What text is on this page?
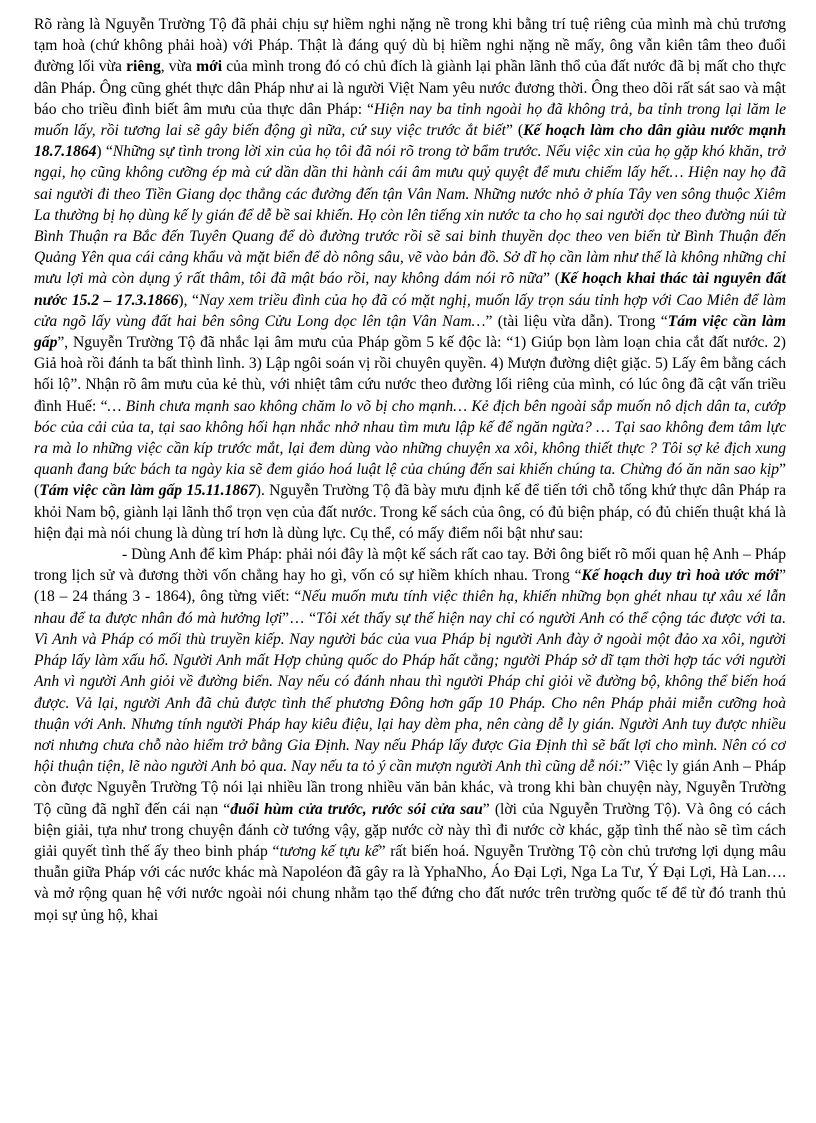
Rõ ràng là Nguyễn Trường Tộ đã phải chịu sự hiềm nghi nặng nề trong khi bằng trí tuệ riêng của mình mà chủ trương tạm hoà (chứ không phải hoà) với Pháp. Thật là đáng quý dù bị hiềm nghi nặng nề mấy, ông vẫn kiên tâm theo đuổi đường lối vừa riêng, vừa mới của mình trong đó có chủ đích là giành lại phần lãnh thổ của đất nước đã bị mất cho thực dân Pháp. Ông cũng ghét thực dân Pháp như ai là người Việt Nam yêu nước đương thời. Ông theo dõi rất sát sao và mật báo cho triều đình biết âm mưu của thực dân Pháp: “Hiện nay ba tỉnh ngoài họ đã không trả, ba tỉnh trong lại lăm le muốn lấy, rồi tương lai sẽ gây biến động gì nữa, cứ suy việc trước ắt biết” (Kế hoạch làm cho dân giàu nước mạnh 18.7.1864) “Những sự tình trong lời xin của họ tôi đã nói rõ trong tờ bẩm trước. Nếu việc xin của họ gặp khó khăn, trở ngại, họ cũng không cưỡng ép mà cứ dần dần thi hành cái âm mưu quỷ quyệt để mưu chiếm lấy hết… Hiện nay họ đã sai người đi theo Tiền Giang dọc thẳng các đường đến tận Vân Nam. Những nước nhỏ ở phía Tây ven sông thuộc Xiêm La thường bị họ dùng kế ly gián để dễ bề sai khiến. Họ còn lên tiếng xin nước ta cho họ sai người dọc theo đường núi từ Bình Thuận ra Bắc đến Tuyên Quang để dò đường trước rồi sẽ sai binh thuyền dọc theo ven biển từ Bình Thuận đến Quảng Yên qua cái cảng khẩu và mặt biển để dò nông sâu, vẽ vào bản đồ. Sở dĩ họ cần làm như thế là không những chỉ mưu lợi mà còn dụng ý rất thâm, tôi đã mật báo rồi, nay không dám nói rõ nữa” (Kế hoạch khai thác tài nguyên đất nước 15.2 – 17.3.1866), “Nay xem triều đình của họ đã có mặt nghị, muốn lấy trọn sáu tỉnh hợp với Cao Miên để làm cửa ngõ lấy vùng đất hai bên sông Cửu Long dọc lên tận Vân Nam…” (tài liệu vừa dẫn). Trong “Tám việc cần làm gấp”, Nguyễn Trường Tộ đã nhắc lại âm mưu của Pháp gồm 5 kế độc là: “1) Giúp bọn làm loạn chia cắt đất nước. 2) Giả hoà rồi đánh ta bất thình lình. 3) Lập ngôi soán vị rồi chuyên quyền. 4) Mượn đường diệt giặc. 5) Lấy êm bằng cách hối lộ”. Nhận rõ âm mưu của kẻ thù, với nhiệt tâm cứu nước theo đường lối riêng của mình, có lúc ông đã cật vấn triều đình Huế: “… Binh chưa mạnh sao không chăm lo võ bị cho mạnh… Kẻ địch bên ngoài sắp muốn nô dịch dân ta, cướp bóc của cải của ta, tại sao không hối hạn nhắc nhở nhau tìm mưu lập kế để ngăn ngừa? … Tại sao không đem tâm lực ra mà lo những việc cần kíp trước mắt, lại đem dùng vào những chuyện xa xôi, không thiết thực ? Tôi sợ kẻ địch xung quanh đang bức bách ta ngày kia sẽ đem giáo hoá luật lệ của chúng đến sai khiến chúng ta. Chừng đó ăn năn sao kịp” (Tám việc cần làm gấp 15.11.1867). Nguyễn Trường Tộ đã bày mưu định kế để tiến tới chỗ tống khứ thực dân Pháp ra khỏi Nam bộ, giành lại lãnh thổ trọn vẹn của đất nước. Trong kế sách của ông, có đủ biện pháp, có đủ chiến thuật khá là hiện đại mà nói chung là dùng trí hơn là dùng lực. Cụ thể, có mấy điểm nổi bật như sau:

- Dùng Anh để kìm Pháp: phải nói đây là một kế sách rất cao tay. Bởi ông biết rõ mối quan hệ Anh – Pháp trong lịch sử và đương thời vốn chẳng hay ho gì, vốn có sự hiềm khích nhau. Trong “Kế hoạch duy trì hoà ước mới” (18 – 24 tháng 3 - 1864), ông từng viết: “Nếu muốn mưu tính việc thiên hạ, khiến những bọn ghét nhau tự xâu xé lẫn nhau để ta được nhân đó mà hưởng lợi”… “Tôi xét thấy sự thế hiện nay chỉ có người Anh có thể cộng tác được với ta. Vì Anh và Pháp có mối thù truyền kiếp. Nay người bác của vua Pháp bị người Anh đày ở ngoài một đảo xa xôi, người Pháp lấy làm xấu hổ. Người Anh mất Hợp chủng quốc do Pháp hất cẳng; người Pháp sở dĩ tạm thời hợp tác với người Anh vì người Anh giỏi về đường biển. Nay nếu có đánh nhau thì người Pháp chỉ giỏi về đường bộ, không thể biến hoá được. Vả lại, người Anh đã chủ được tình thế phương Đông hơn gấp 10 Pháp. Cho nên Pháp phải miễn cưỡng hoà thuận với Anh. Nhưng tính người Pháp hay kiêu điệu, lại hay dèm pha, nên càng dễ ly gián. Người Anh tuy được nhiều nơi nhưng chưa chỗ nào hiểm trở bằng Gia Định. Nay nếu Pháp lấy được Gia Định thì sẽ bất lợi cho mình. Nên có cơ hội thuận tiện, lẽ nào người Anh bỏ qua. Nay nếu ta tỏ ý cần mượn người Anh thì cũng dễ nói:” Việc ly gián Anh – Pháp còn được Nguyễn Trường Tộ nói lại nhiều lần trong nhiều văn bản khác, và trong khi bàn chuyện này, Nguyễn Trường Tộ cũng đã nghĩ đến cái nạn “đuổi hùm cửa trước, rước sói cửa sau” (lời của Nguyễn Trường Tộ). Và ông có cách biện giải, tựa như trong chuyện đánh cờ tướng vậy, gặp nước cờ này thì đi nước cờ khác, gặp tình thế nào sẽ tìm cách giải quyết tình thế ấy theo binh pháp “tương kế tựu kế” rất biến hoá. Nguyễn Trường Tộ còn chủ trương lợi dụng mâu thuẫn giữa Pháp với các nước khác mà Napoléon đã gây ra là YphaNho, Áo Đại Lợi, Nga La Tư, Ý Đại Lợi, Hà Lan…. và mở rộng quan hệ với nước ngoài nói chung nhằm tạo thế đứng cho đất nước trên trường quốc tế để từ đó tranh thủ mọi sự ủng hộ, khai
